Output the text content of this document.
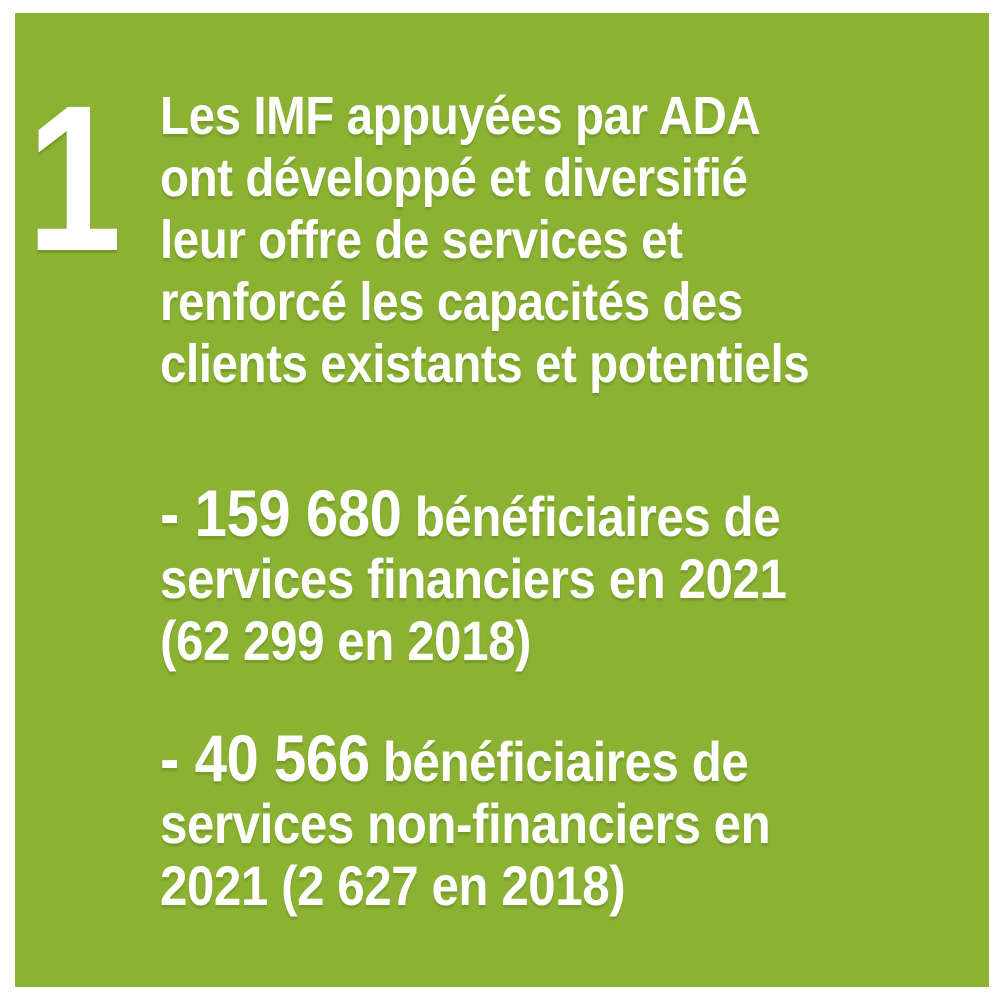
1 Les IMF appuyées par ADA
ont développé et diversifié
leur offre de services et
renforcé les capacités des
clients existants et potentiels
- 159 680 bénéficiaires de
services financiers en 2021
(62 299 en 2018)
- 40 566 bénéficiaires de
services non-financiers en
2021 (2 627 en 2018)
